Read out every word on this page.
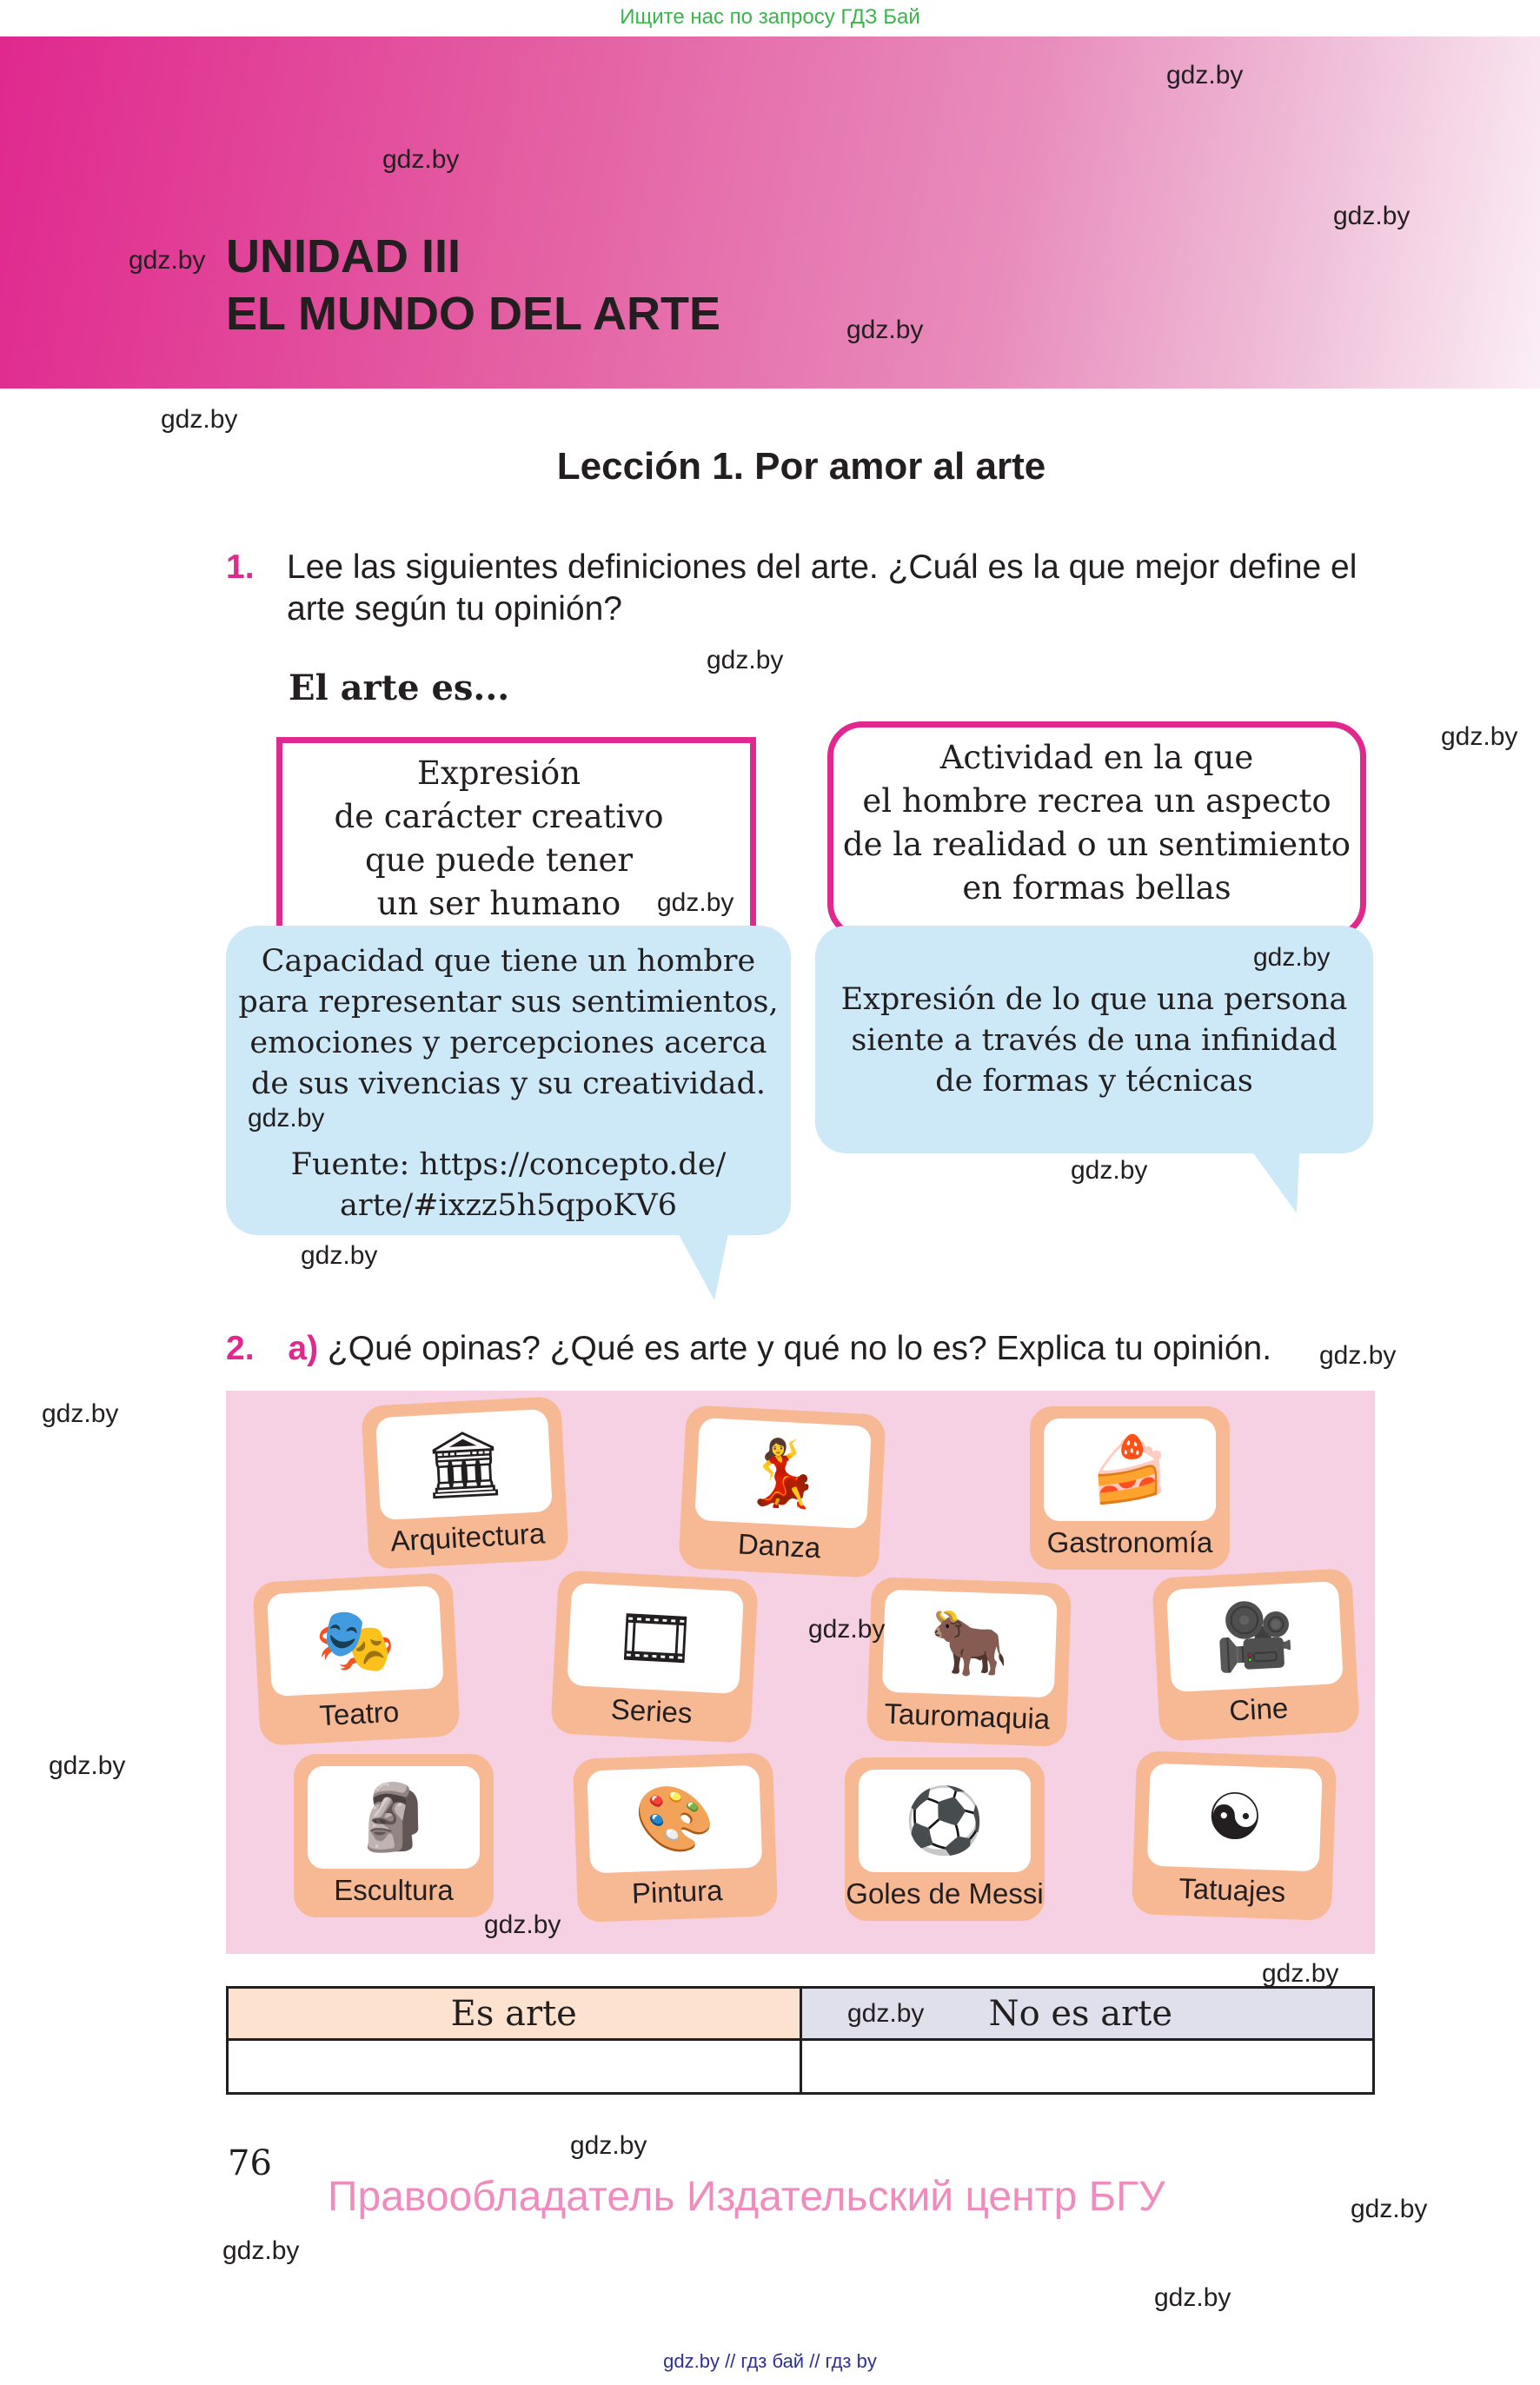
Ищите нас по запросу ГДЗ Бай
UNIDAD III
EL MUNDO DEL ARTE
gdz.by
gdz.by
gdz.by
gdz.by
gdz.by
gdz.by
gdz.by
gdz.by
gdz.by
gdz.by
gdz.by
gdz.by
gdz.by
gdz.by
gdz.by
gdz.by
Lección 1. Por amor al arte
1. Lee las siguientes definiciones del arte. ¿Cuál es la que mejor define el
arte según tu opinión?
El arte es...
Expresión
de carácter creativo
que puede tener
un ser humano	gdz.by
Actividad en la que
el hombre recrea un aspecto
de la realidad o un sentimiento
en formas bellas
Capacidad que tiene un hombre
para representar sus sentimientos,
emociones y percepciones acerca
de sus vivencias y su creatividad.
Fuente: https://concepto.de/
arte/#ixzz5h5qpoKV6
gdz.by
gdz.by
Expresión de lo que una persona
siente a través de una infinidad
de formas y técnicas
gdz.by
gdz.by
2. a) ¿Qué opinas? ¿Qué es arte y qué no lo es? Explica tu opinión.
🏛
Arquitectura
💃
Danza
🍰
Gastronomía
🎭
Teatro
🎞
Series
🐂
Tauromaquia
🎥
Cine
🗿
Escultura
🎨
Pintura
⚽
Goles de Messi
☯
Tatuajes
gdz.by
gdz.by
Es arte	No es arte

gdz.by
76
Правообладатель Издательский центр БГУ
gdz.by // гдз бай // гдз by
